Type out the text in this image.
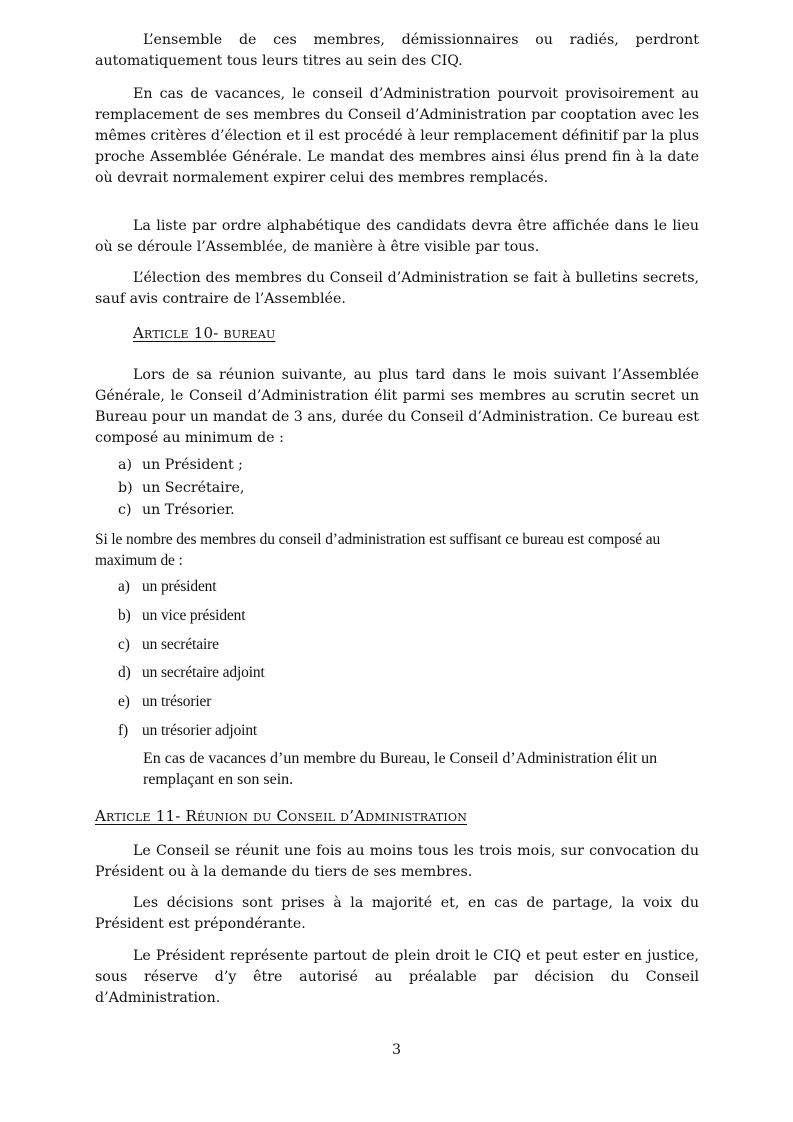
L’ensemble de ces membres, démissionnaires ou radiés, perdront automatiquement tous leurs titres au sein des CIQ.

En cas de vacances, le conseil d’Administration pourvoit provisoirement au remplacement de ses membres du Conseil d’Administration par cooptation avec les mêmes critères d’élection et il est procédé à leur remplacement définitif par la plus proche Assemblée Générale. Le mandat des membres ainsi élus prend fin à la date où devrait normalement expirer celui des membres remplacés.

La liste par ordre alphabétique des candidats devra être affichée dans le lieu où se déroule l’Assemblée, de manière à être visible par tous.

L’élection des membres du Conseil d’Administration se fait à bulletins secrets, sauf avis contraire de l’Assemblée.

Article 10- bureau

Lors de sa réunion suivante, au plus tard dans le mois suivant l’Assemblée Générale, le Conseil d’Administration élit parmi ses membres au scrutin secret un Bureau pour un mandat de 3 ans, durée du Conseil d’Administration. Ce bureau est composé au minimum de :

a) un Président ;

b) un Secrétaire,

c) un Trésorier.

Si le nombre des membres du conseil d’administration est suffisant ce bureau est composé au maximum de :

a) un président

b) un vice président

c) un secrétaire

d) un secrétaire adjoint

e) un trésorier

f) un trésorier adjoint

En cas de vacances d’un membre du Bureau, le Conseil d’Administration élit un remplaçant en son sein.

Article 11- Réunion du Conseil d’Administration

Le Conseil se réunit une fois au moins tous les trois mois, sur convocation du Président ou à la demande du tiers de ses membres.

Les décisions sont prises à la majorité et, en cas de partage, la voix du Président est prépondérante.

Le Président représente partout de plein droit le CIQ et peut ester en justice, sous réserve d’y être autorisé au préalable par décision du Conseil d’Administration.

3
